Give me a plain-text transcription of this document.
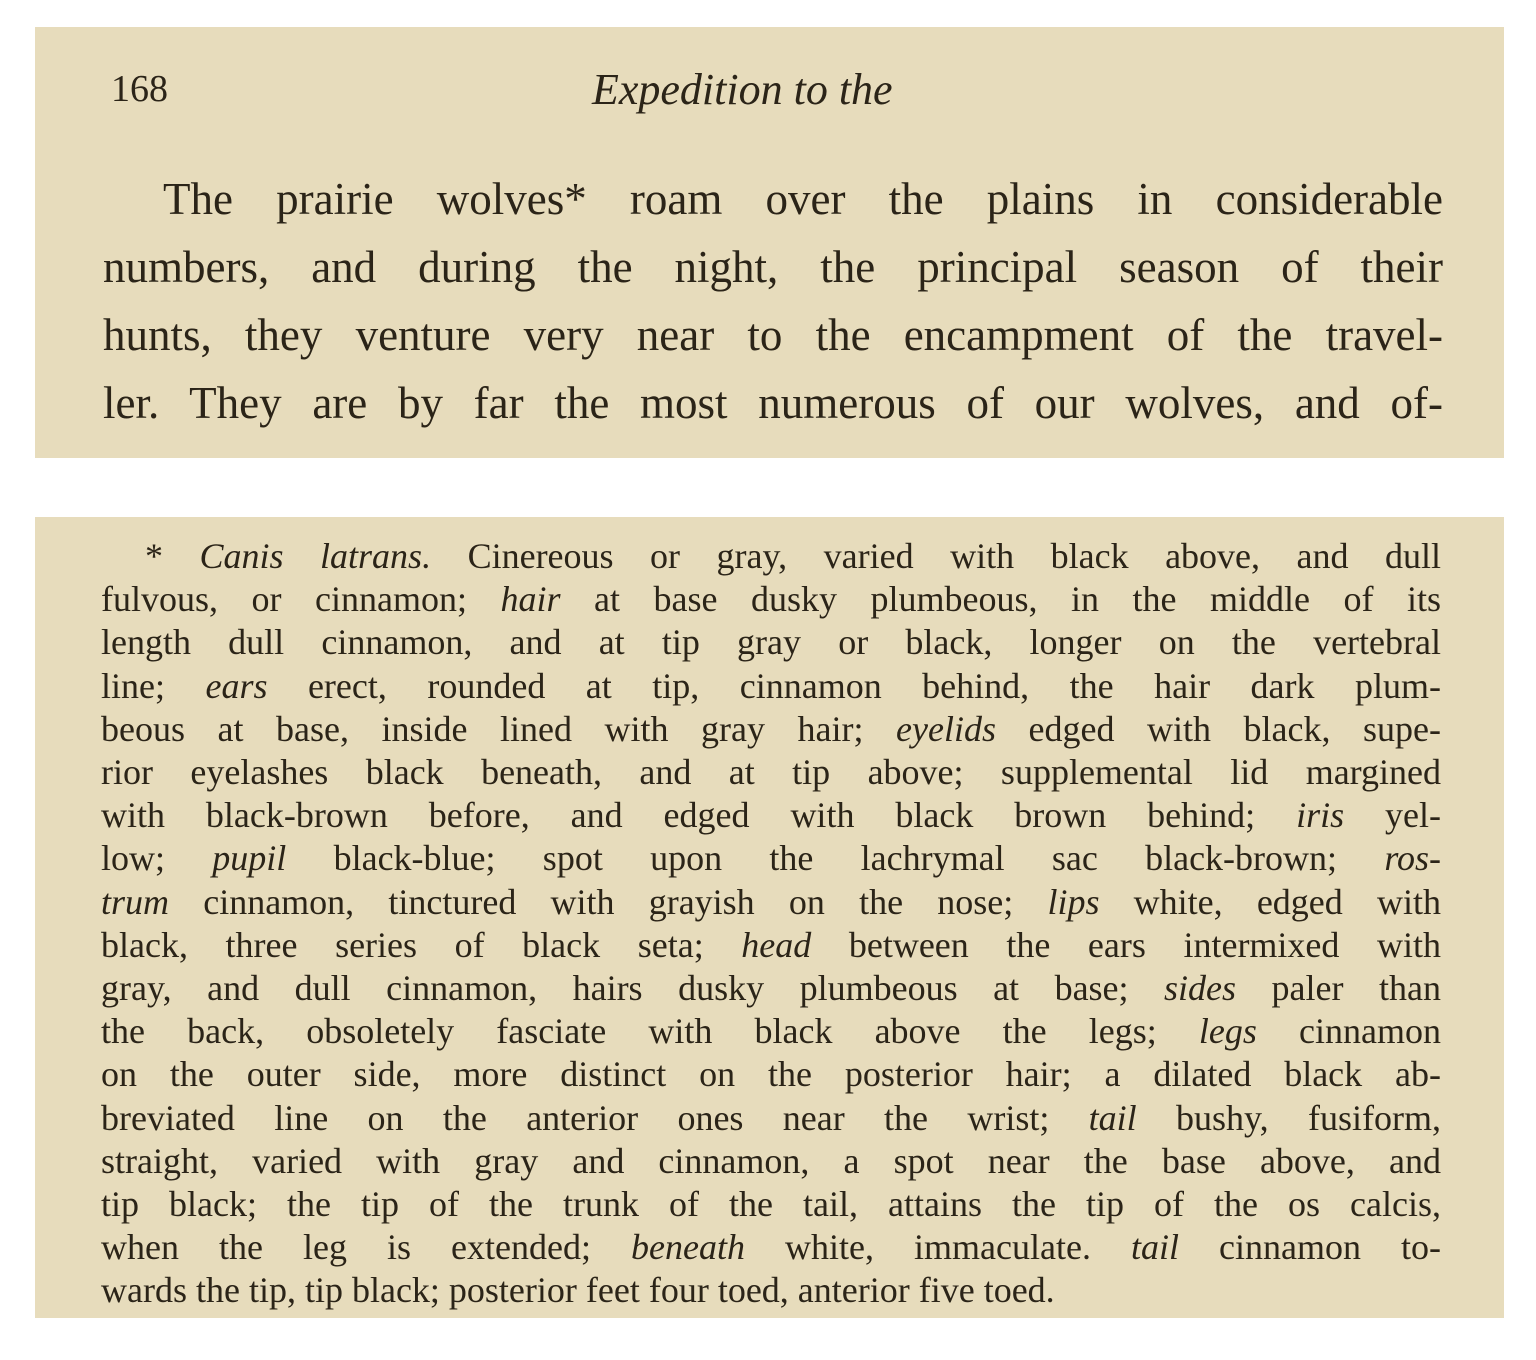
168	Expedition to the

The prairie wolves* roam over the plains in considerable
numbers, and during the night, the principal season of their
hunts, they venture very near to the encampment of the travel-
ler. They are by far the most numerous of our wolves, and of-

* Canis latrans. Cinereous or gray, varied with black above, and dull
fulvous, or cinnamon; hair at base dusky plumbeous, in the middle of its
length dull cinnamon, and at tip gray or black, longer on the vertebral
line; ears erect, rounded at tip, cinnamon behind, the hair dark plum-
beous at base, inside lined with gray hair; eyelids edged with black, supe-
rior eyelashes black beneath, and at tip above; supplemental lid margined
with black-brown before, and edged with black brown behind; iris yel-
low; pupil black-blue; spot upon the lachrymal sac black-brown; ros-
trum cinnamon, tinctured with grayish on the nose; lips white, edged with
black, three series of black seta; head between the ears intermixed with
gray, and dull cinnamon, hairs dusky plumbeous at base; sides paler than
the back, obsoletely fasciate with black above the legs; legs cinnamon
on the outer side, more distinct on the posterior hair; a dilated black ab-
breviated line on the anterior ones near the wrist; tail bushy, fusiform,
straight, varied with gray and cinnamon, a spot near the base above, and
tip black; the tip of the trunk of the tail, attains the tip of the os calcis,
when the leg is extended; beneath white, immaculate. tail cinnamon to-
wards the tip, tip black; posterior feet four toed, anterior five toed.
